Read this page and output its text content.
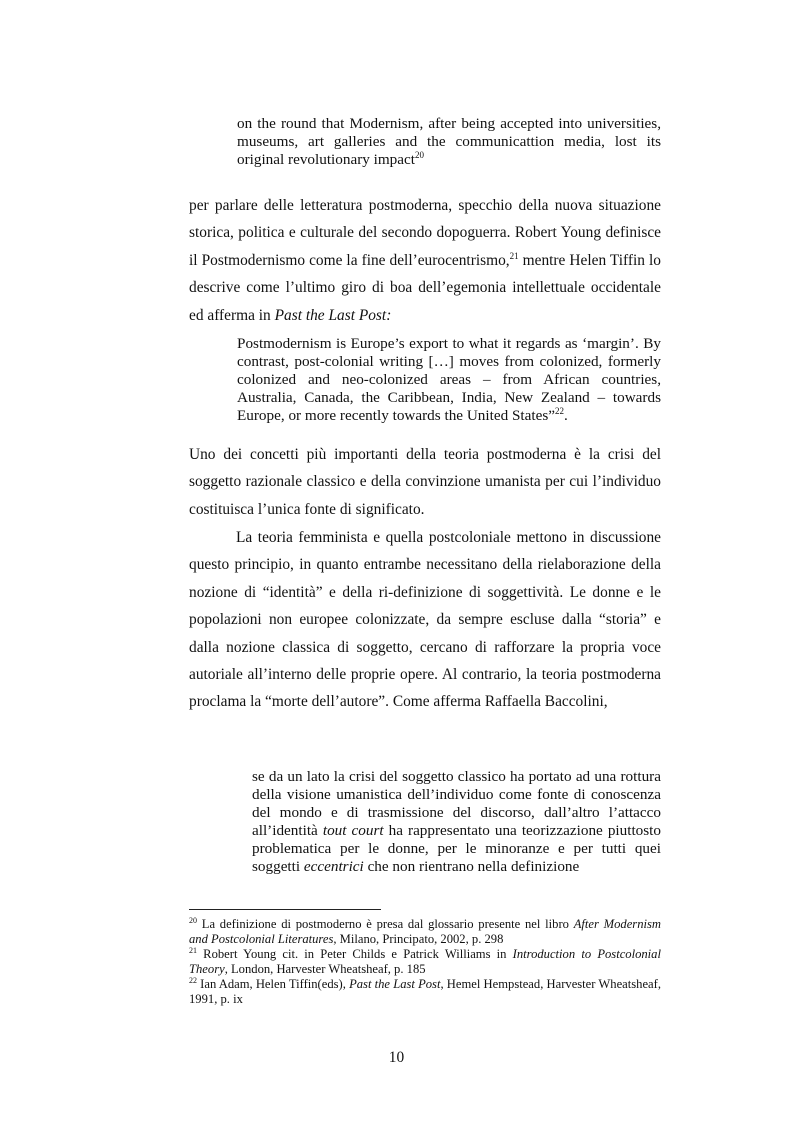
on the round that Modernism, after being accepted into universities, museums, art galleries and the communicattion media, lost its original revolutionary impact$^{20}$

per parlare delle letteratura postmoderna, specchio della nuova situazione storica, politica e culturale del secondo dopoguerra. Robert Young definisce il Postmodernismo come la fine dell’eurocentrismo,$^{21}$ mentre Helen Tiffin lo descrive come l’ultimo giro di boa dell’egemonia intellettuale occidentale ed afferma in Past the Last Post:

Postmodernism is Europe’s export to what it regards as ‘margin’. By contrast, post-colonial writing […] moves from colonized, formerly colonized and neo-colonized areas – from African countries, Australia, Canada, the Caribbean, India, New Zealand – towards Europe, or more recently towards the United States”$^{22}$.

Uno dei concetti più importanti della teoria postmoderna è la crisi del soggetto razionale classico e della convinzione umanista per cui l’individuo costituisca l’unica fonte di significato.

La teoria femminista e quella postcoloniale mettono in discussione questo principio, in quanto entrambe necessitano della rielaborazione della nozione di “identità” e della ri-definizione di soggettività. Le donne e le popolazioni non europee colonizzate, da sempre escluse dalla “storia” e dalla nozione classica di soggetto, cercano di rafforzare la propria voce autoriale all’interno delle proprie opere. Al contrario, la teoria postmoderna proclama la “morte dell’autore”. Come afferma Raffaella Baccolini,

se da un lato la crisi del soggetto classico ha portato ad una rottura della visione umanistica dell’individuo come fonte di conoscenza del mondo e di trasmissione del discorso, dall’altro l’attacco all’identità tout court ha rappresentato una teorizzazione piuttosto problematica per le donne, per le minoranze e per tutti quei soggetti eccentrici che non rientrano nella definizione

$^{20}$ La definizione di postmoderno è presa dal glossario presente nel libro After Modernism and Postcolonial Literatures, Milano, Principato, 2002, p. 298

$^{21}$ Robert Young cit. in Peter Childs e Patrick Williams in Introduction to Postcolonial Theory, London, Harvester Wheatsheaf, p. 185

$^{22}$ Ian Adam, Helen Tiffin(eds), Past the Last Post, Hemel Hempstead, Harvester Wheatsheaf, 1991, p. ix

10
